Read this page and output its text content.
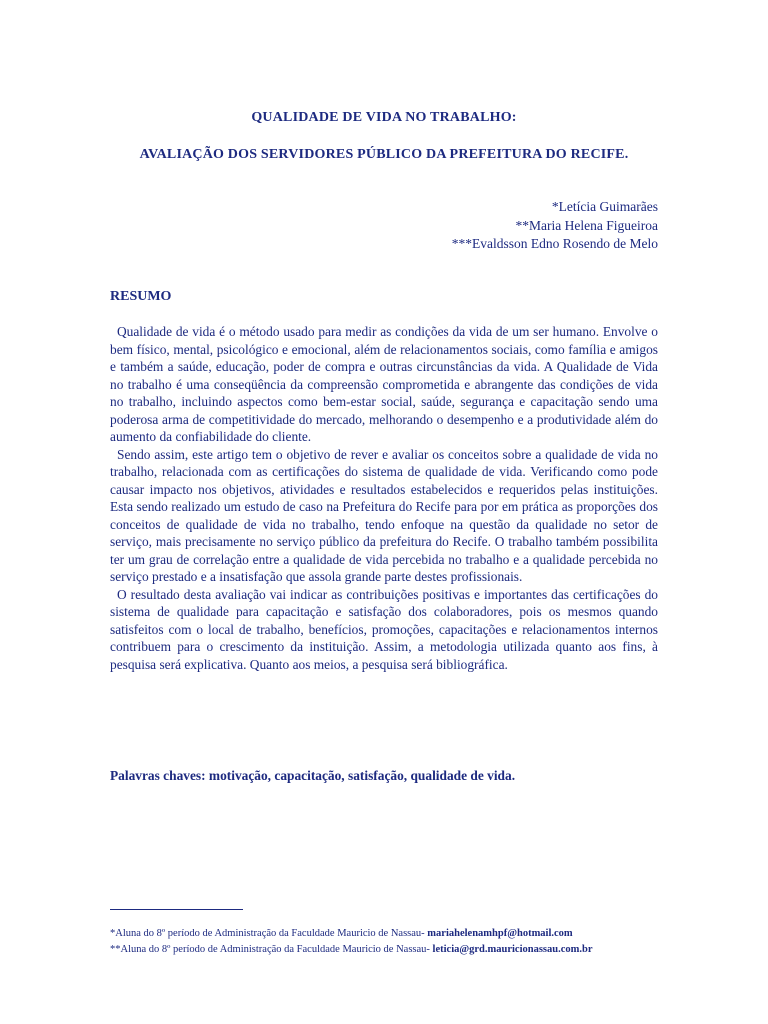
QUALIDADE DE VIDA NO TRABALHO:
AVALIAÇÃO DOS SERVIDORES PÚBLICO DA PREFEITURA DO RECIFE.
*Letícia Guimarães
**Maria Helena Figueiroa
***Evaldsson Edno Rosendo de Melo
RESUMO

Qualidade de vida é o método usado para medir as condições da vida de um ser humano. Envolve o bem físico, mental, psicológico e emocional, além de relacionamentos sociais, como família e amigos e também a saúde, educação, poder de compra e outras circunstâncias da vida. A Qualidade de Vida no trabalho é uma conseqüência da compreensão comprometida e abrangente das condições de vida no trabalho, incluindo aspectos como bem-estar social, saúde, segurança e capacitação sendo uma poderosa arma de competitividade do mercado, melhorando o desempenho e a produtividade além do aumento da confiabilidade do cliente.

Sendo assim, este artigo tem o objetivo de rever e avaliar os conceitos sobre a qualidade de vida no trabalho, relacionada com as certificações do sistema de qualidade de vida. Verificando como pode causar impacto nos objetivos, atividades e resultados estabelecidos e requeridos pelas instituições. Esta sendo realizado um estudo de caso na Prefeitura do Recife para por em prática as proporções dos conceitos de qualidade de vida no trabalho, tendo enfoque na questão da qualidade no setor de serviço, mais precisamente no serviço público da prefeitura do Recife. O trabalho também possibilita ter um grau de correlação entre a qualidade de vida percebida no trabalho e a qualidade percebida no serviço prestado e a insatisfação que assola grande parte destes profissionais.

O resultado desta avaliação vai indicar as contribuições positivas e importantes das certificações do sistema de qualidade para capacitação e satisfação dos colaboradores, pois os mesmos quando satisfeitos com o local de trabalho, benefícios, promoções, capacitações e relacionamentos internos contribuem para o crescimento da instituição. Assim, a metodologia utilizada quanto aos fins, à pesquisa será explicativa. Quanto aos meios, a pesquisa será bibliográfica.

Palavras chaves: motivação, capacitação, satisfação, qualidade de vida.
*Aluna do 8º período de Administração da Faculdade Mauricio de Nassau- mariahelenamhpf@hotmail.com
**Aluna do 8º período de Administração da Faculdade Mauricio de Nassau- leticia@grd.mauricionassau.com.br
